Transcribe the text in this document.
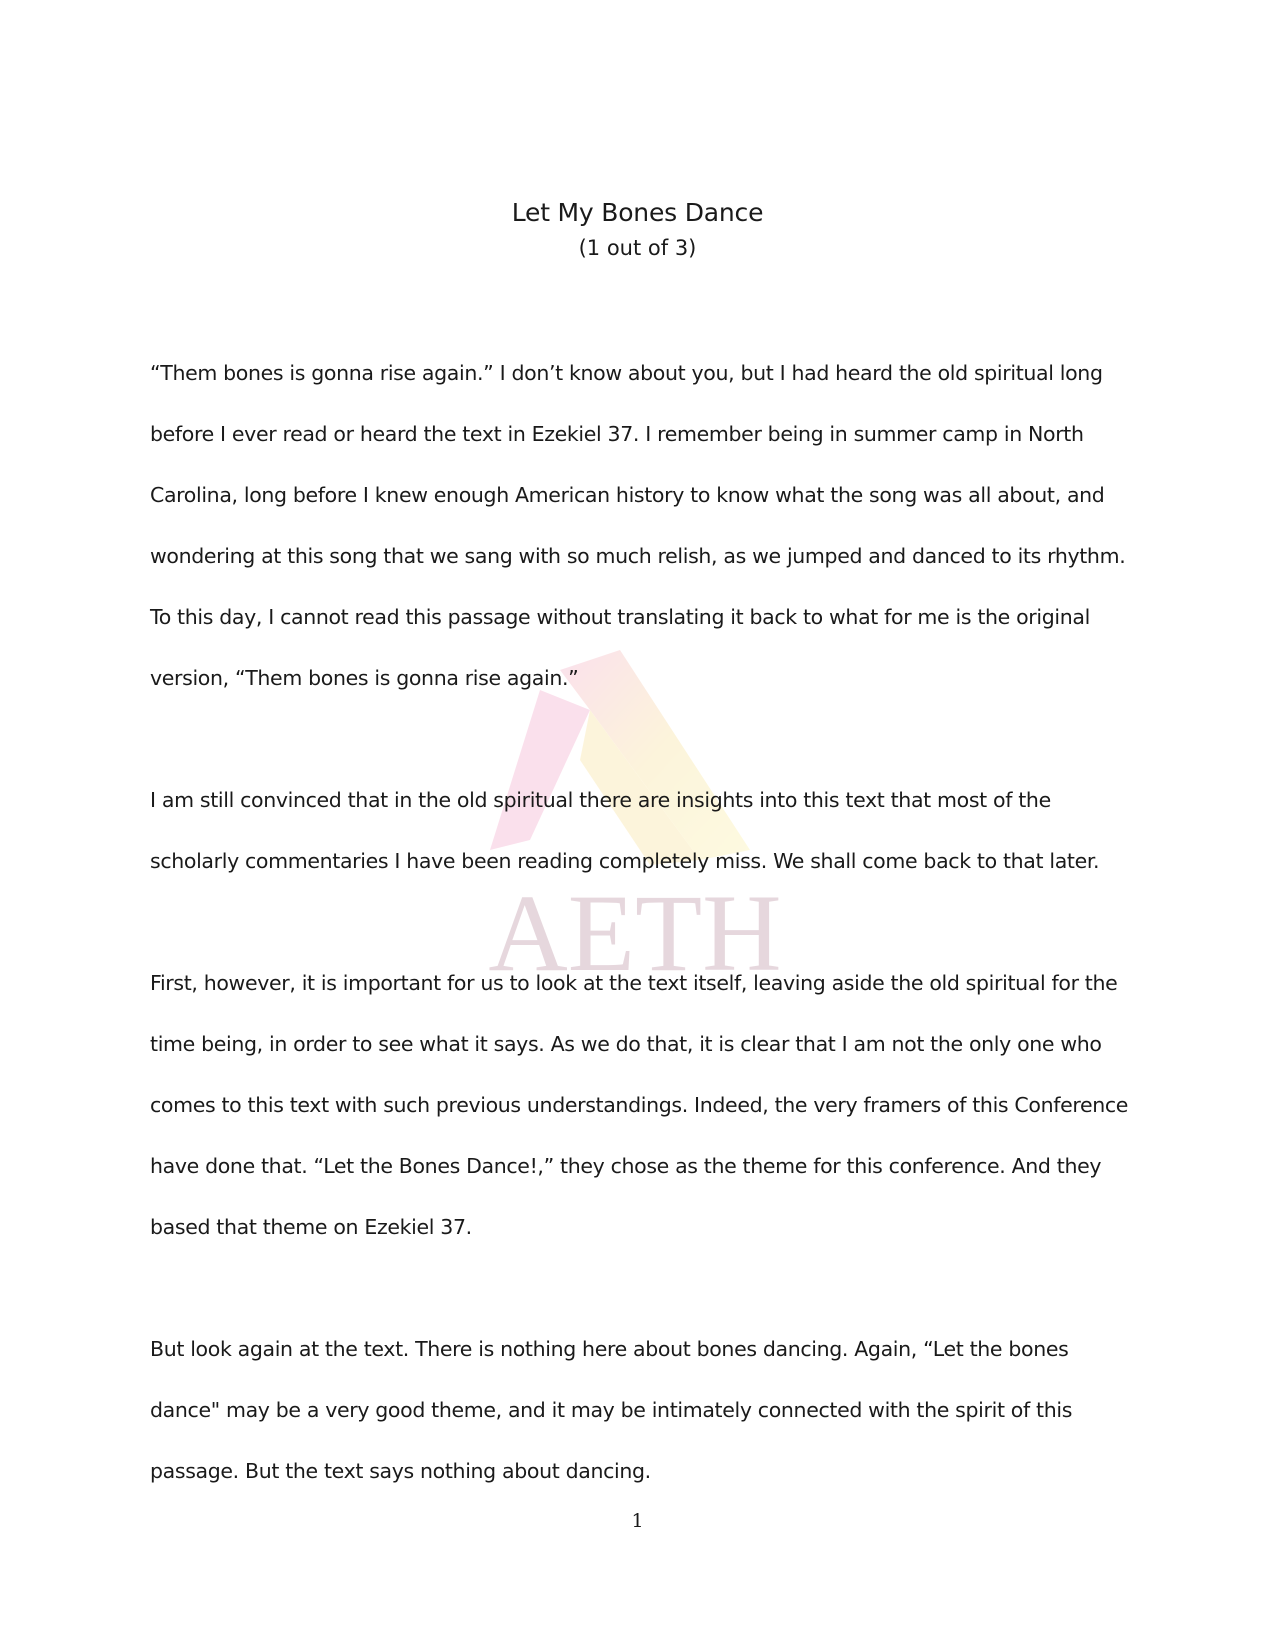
AETH
Let My Bones Dance
(1 out of 3)

“Them bones is gonna rise again.” I don’t know about you, but I had heard the old spiritual long before I ever read or heard the text in Ezekiel 37. I remember being in summer camp in North Carolina, long before I knew enough American history to know what the song was all about, and wondering at this song that we sang with so much relish, as we jumped and danced to its rhythm. To this day, I cannot read this passage without translating it back to what for me is the original version, “Them bones is gonna rise again.”

I am still convinced that in the old spiritual there are insights into this text that most of the scholarly commentaries I have been reading completely miss. We shall come back to that later.

First, however, it is important for us to look at the text itself, leaving aside the old spiritual for the time being, in order to see what it says. As we do that, it is clear that I am not the only one who comes to this text with such previous understandings. Indeed, the very framers of this Conference have done that. “Let the Bones Dance!,” they chose as the theme for this conference. And they based that theme on Ezekiel 37.

But look again at the text. There is nothing here about bones dancing. Again, “Let the bones dance" may be a very good theme, and it may be intimately connected with the spirit of this passage. But the text says nothing about dancing.

1
